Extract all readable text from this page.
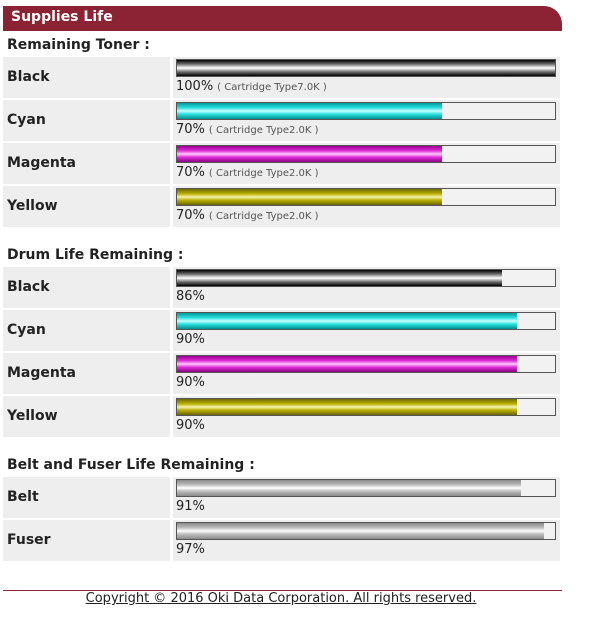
Supplies Life
Remaining Toner :
Black
100% ( Cartridge Type7.0K )
Cyan
70% ( Cartridge Type2.0K )
Magenta
70% ( Cartridge Type2.0K )
Yellow
70% ( Cartridge Type2.0K )
Drum Life Remaining :
Black
86%
Cyan
90%
Magenta
90%
Yellow
90%
Belt and Fuser Life Remaining :
Belt
91%
Fuser
97%
Copyright © 2016 Oki Data Corporation. All rights reserved.
